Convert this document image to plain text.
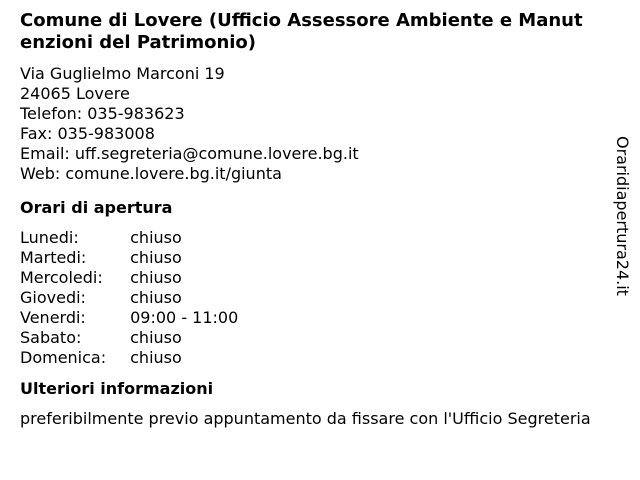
Comune di Lovere (Ufficio Assessore Ambiente e Manutenzioni del Patrimonio)
Via Guglielmo Marconi 19
24065 Lovere
Telefon: 035-983623
Fax: 035-983008
Email: uff.segreteria@comune.lovere.bg.it
Web: comune.lovere.bg.it/giunta
Orari di apertura
Lunedi:	chiuso
Martedi:	chiuso
Mercoledi:	chiuso
Giovedi:	chiuso
Venerdi:	09:00 - 11:00
Sabato:	chiuso
Domenica:	chiuso
Ulteriori informazioni
preferibilmente previo appuntamento da fissare con l'Ufficio Segreteria
Oraridiapertura24.it
